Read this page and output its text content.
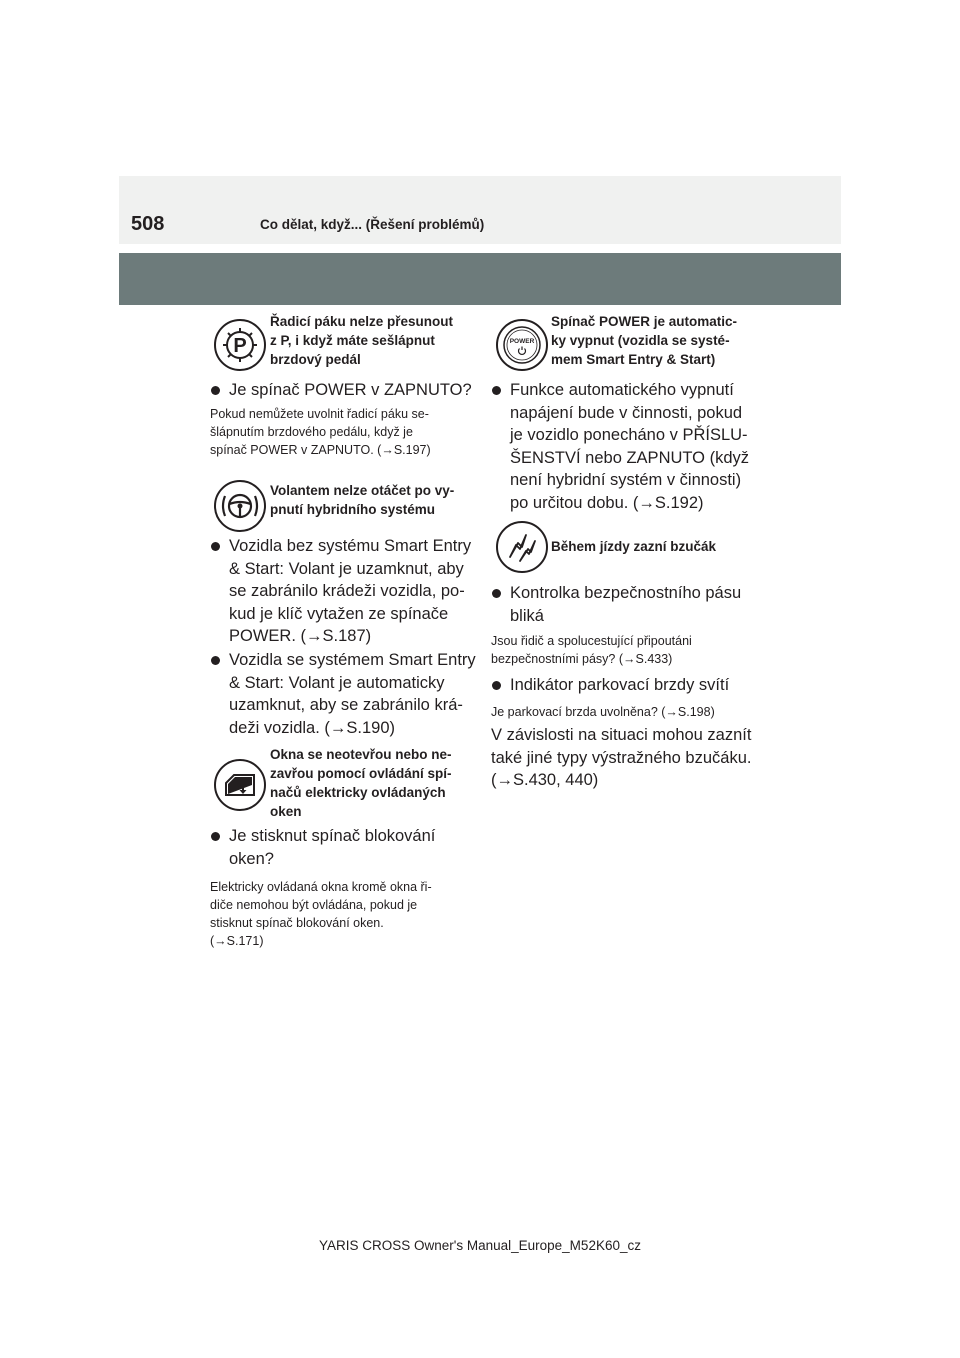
508	Co dělat, když... (Řešení problémů)
P
Řadicí páku nelze přesunout
z P, i když máte sešlápnut
brzdový pedál
Je spínač POWER v ZAPNUTO?
Pokud nemůžete uvolnit řadicí páku se-
šlápnutím brzdového pedálu, když je
spínač POWER v ZAPNUTO. (→S.197)
Volantem nelze otáčet po vy-
pnutí hybridního systému
Vozidla bez systému Smart Entry
& Start: Volant je uzamknut, aby
se zabránilo krádeži vozidla, po-
kud je klíč vytažen ze spínače
POWER. (→S.187)
Vozidla se systémem Smart Entry
& Start: Volant je automaticky
uzamknut, aby se zabránilo krá-
deži vozidla. (→S.190)
Okna se neotevřou nebo ne-
zavřou pomocí ovládání spí-
načů elektricky ovládaných
oken
Je stisknut spínač blokování
oken?
Elektricky ovládaná okna kromě okna ři-
diče nemohou být ovládána, pokud je
stisknut spínač blokování oken.
(→S.171)
POWER
Spínač POWER je automatic-
ky vypnut (vozidla se systé-
mem Smart Entry & Start)
Funkce automatického vypnutí
napájení bude v činnosti, pokud
je vozidlo ponecháno v PŘÍSLU-
ŠENSTVÍ nebo ZAPNUTO (když
není hybridní systém v činnosti)
po určitou dobu. (→S.192)
Během jízdy zazní bzučák
Kontrolka bezpečnostního pásu
bliká
Jsou řidič a spolucestující připoutáni
bezpečnostními pásy? (→S.433)
Indikátor parkovací brzdy svítí
Je parkovací brzda uvolněna? (→S.198)
V závislosti na situaci mohou zaznít
také jiné typy výstražného bzučáku.
(→S.430, 440)
YARIS CROSS Owner's Manual_Europe_M52K60_cz
